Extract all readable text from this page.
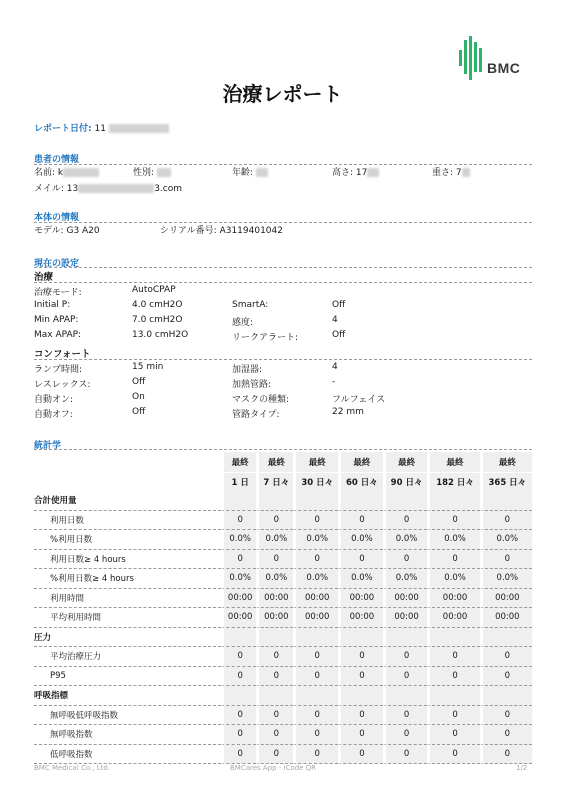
BMC
治療レポート
レポート日付: 11
患者の情報
名前: k	性別:	年齢:	高さ: 17	重さ: 7
メイル: 13	3.com
本体の情報
モデル: G3 A20	シリアル番号: A3119401042
現在の設定
治療
治療モード:	AutoCPAP
Initial P:	4.0 cmH2O	SmartA:	Off
Min APAP:	7.0 cmH2O	感度:	4
Max APAP:	13.0 cmH2O	リークアラート:	Off
コンフォート
ランプ時間:	15 min	加湿器:	4
レスレックス:	Off	加熱管路:	-
自動オン:	On	マスクの種類:	フルフェイス
自動オフ:	Off	管路タイプ:	22 mm
統計学
	最終	最終	最終	最終	最終	最終	最終
	1 日	7 日々	30 日々	60 日々	90 日々	182 日々	365 日々
合計使用量							
利用日数	0	0	0	0	0	0	0
%利用日数	0.0%	0.0%	0.0%	0.0%	0.0%	0.0%	0.0%
利用日数≥ 4 hours	0	0	0	0	0	0	0
%利用日数≥ 4 hours	0.0%	0.0%	0.0%	0.0%	0.0%	0.0%	0.0%
利用時間	00:00	00:00	00:00	00:00	00:00	00:00	00:00
平均利用時間	00:00	00:00	00:00	00:00	00:00	00:00	00:00
圧力							
平均治療圧力	0	0	0	0	0	0	0
P95	0	0	0	0	0	0	0
呼吸指標							
無呼吸低呼吸指数	0	0	0	0	0	0	0
無呼吸指数	0	0	0	0	0	0	0
低呼吸指数	0	0	0	0	0	0	0
BMC Medical Co., Ltd.	BMCares App - iCode QR	1/2
